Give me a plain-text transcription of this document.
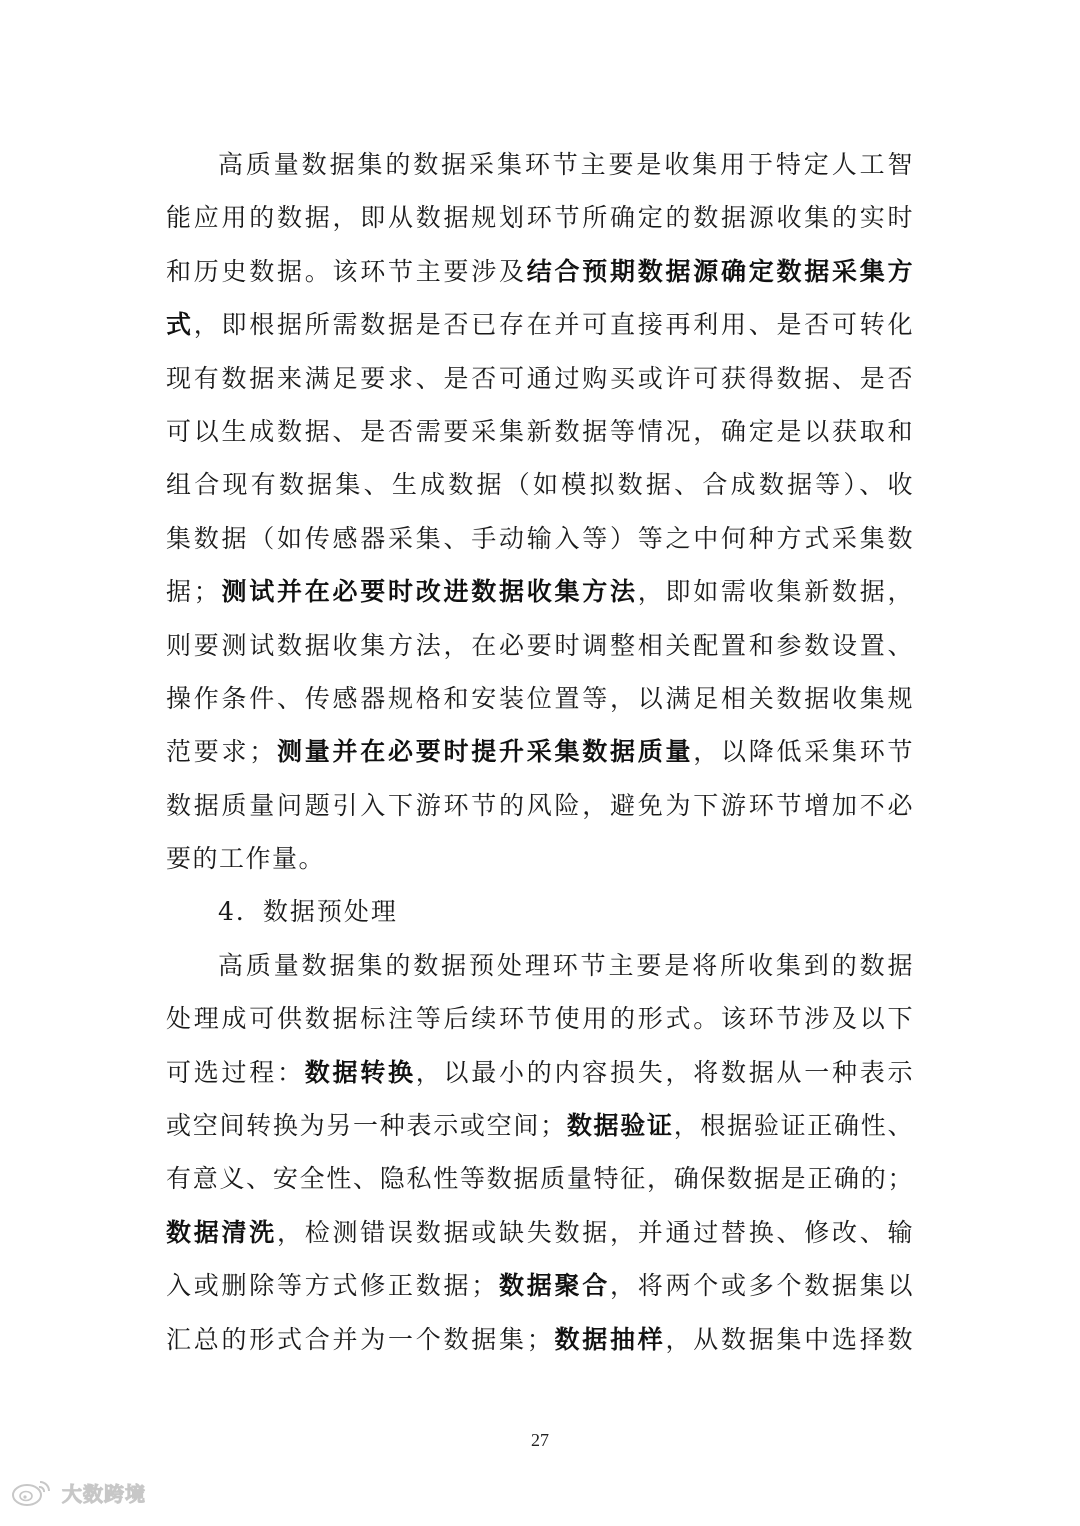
高质量数据集的数据采集环节主要是收集用于特定人工智
能应用的数据，即从数据规划环节所确定的数据源收集的实时
和历史数据。该环节主要涉及结合预期数据源确定数据采集方
式，即根据所需数据是否已存在并可直接再利用、是否可转化
现有数据来满足要求、是否可通过购买或许可获得数据、是否
可以生成数据、是否需要采集新数据等情况，确定是以获取和
组合现有数据集、生成数据（如模拟数据、合成数据等）、收
集数据（如传感器采集、手动输入等）等之中何种方式采集数
据；测试并在必要时改进数据收集方法，即如需收集新数据，
则要测试数据收集方法，在必要时调整相关配置和参数设置、
操作条件、传感器规格和安装位置等，以满足相关数据收集规
范要求；测量并在必要时提升采集数据质量，以降低采集环节
数据质量问题引入下游环节的风险，避免为下游环节增加不必
要的工作量。
4．数据预处理
高质量数据集的数据预处理环节主要是将所收集到的数据
处理成可供数据标注等后续环节使用的形式。该环节涉及以下
可选过程：数据转换，以最小的内容损失，将数据从一种表示
或空间转换为另一种表示或空间；数据验证，根据验证正确性、
有意义、安全性、隐私性等数据质量特征，确保数据是正确的；
数据清洗，检测错误数据或缺失数据，并通过替换、修改、输
入或删除等方式修正数据；数据聚合，将两个或多个数据集以
汇总的形式合并为一个数据集；数据抽样，从数据集中选择数
27
大数跨境
